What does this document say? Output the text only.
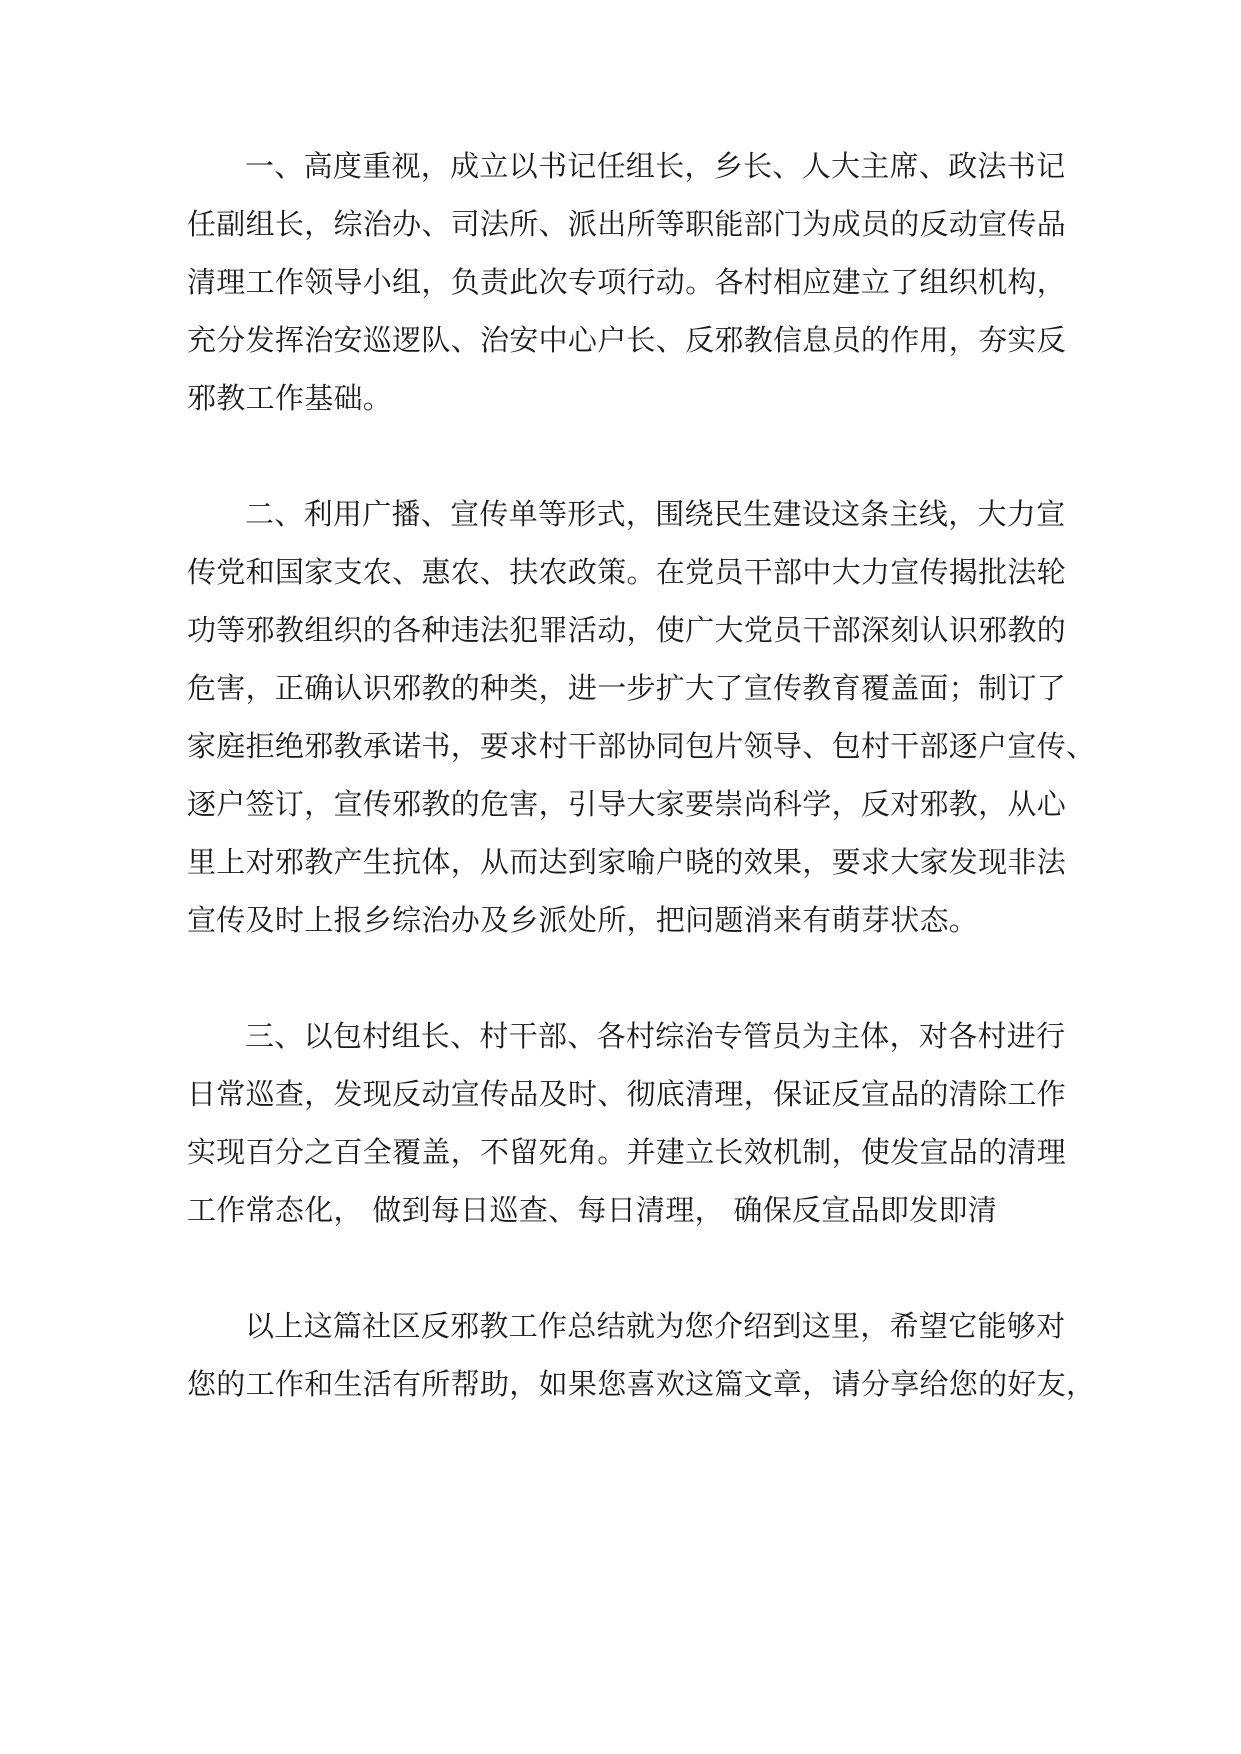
一、高度重视，成立以书记任组长，乡长、人大主席、政法书记
任副组长，综治办、司法所、派出所等职能部门为成员的反动宣传品
清理工作领导小组，负责此次专项行动。各村相应建立了组织机构，
充分发挥治安巡逻队、治安中心户长、反邪教信息员的作用，夯实反
邪教工作基础。
二、利用广播、宣传单等形式，围绕民生建设这条主线，大力宣
传党和国家支农、惠农、扶农政策。在党员干部中大力宣传揭批法轮
功等邪教组织的各种违法犯罪活动，使广大党员干部深刻认识邪教的
危害，正确认识邪教的种类，进一步扩大了宣传教育覆盖面；制订了
家庭拒绝邪教承诺书，要求村干部协同包片领导、包村干部逐户宣传、
逐户签订，宣传邪教的危害，引导大家要崇尚科学，反对邪教，从心
里上对邪教产生抗体，从而达到家喻户晓的效果，要求大家发现非法
宣传及时上报乡综治办及乡派处所，把问题消来有萌芽状态。
三、以包村组长、村干部、各村综治专管员为主体，对各村进行
日常巡查，发现反动宣传品及时、彻底清理，保证反宣品的清除工作
实现百分之百全覆盖，不留死角。并建立长效机制，使发宣品的清理
工作常态化， 做到每日巡查、每日清理， 确保反宣品即发即清
以上这篇社区反邪教工作总结就为您介绍到这里，希望它能够对
您的工作和生活有所帮助，如果您喜欢这篇文章，请分享给您的好友，
